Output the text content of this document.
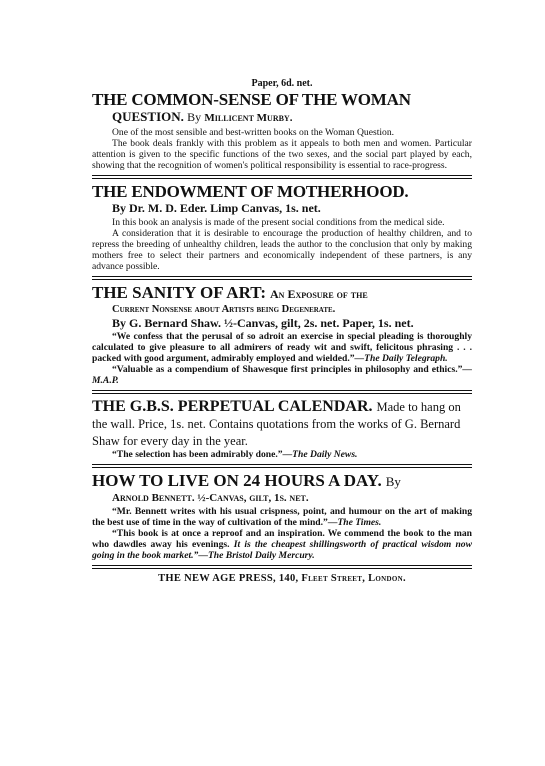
Paper, 6d. net.
THE COMMON-SENSE OF THE WOMAN
QUESTION. By Millicent Murby.

One of the most sensible and best-written books on the Woman Question.

The book deals frankly with this problem as it appeals to both men and women. Particular attention is given to the specific functions of the two sexes, and the social part played by each, showing that the recognition of women's political responsibility is essential to race-progress.

THE ENDOWMENT OF MOTHERHOOD.
By Dr. M. D. Eder. Limp Canvas, 1s. net.

In this book an analysis is made of the present social conditions from the medical side.

A consideration that it is desirable to encourage the production of healthy children, and to repress the breeding of unhealthy children, leads the author to the conclusion that only by making mothers free to select their partners and economically independent of these partners, is any advance possible.

THE SANITY OF ART: An Exposure of the
Current Nonsense about Artists being Degenerate.
By G. Bernard Shaw. ½-Canvas, gilt, 2s. net. Paper, 1s. net.

“We confess that the perusal of so adroit an exercise in special pleading is thoroughly calculated to give pleasure to all admirers of ready wit and swift, felicitous phrasing . . . packed with good argument, admirably employed and wielded.”—The Daily Telegraph.

“Valuable as a compendium of Shawesque first principles in philosophy and ethics.”—M.A.P.

THE G.B.S. PERPETUAL CALENDAR. Made to hang on the wall. Price, 1s. net. Contains quotations from the works of G. Bernard Shaw for every day in the year.

“The selection has been admirably done.”—The Daily News.

HOW TO LIVE ON 24 HOURS A DAY. By
Arnold Bennett. ½-Canvas, gilt, 1s. net.

“Mr. Bennett writes with his usual crispness, point, and humour on the art of making the best use of time in the way of cultivation of the mind.”—The Times.

“This book is at once a reproof and an inspiration. We commend the book to the man who dawdles away his evenings. It is the cheapest shillingsworth of practical wisdom now going in the book market.”—The Bristol Daily Mercury.

THE NEW AGE PRESS, 140, Fleet Street, London.
